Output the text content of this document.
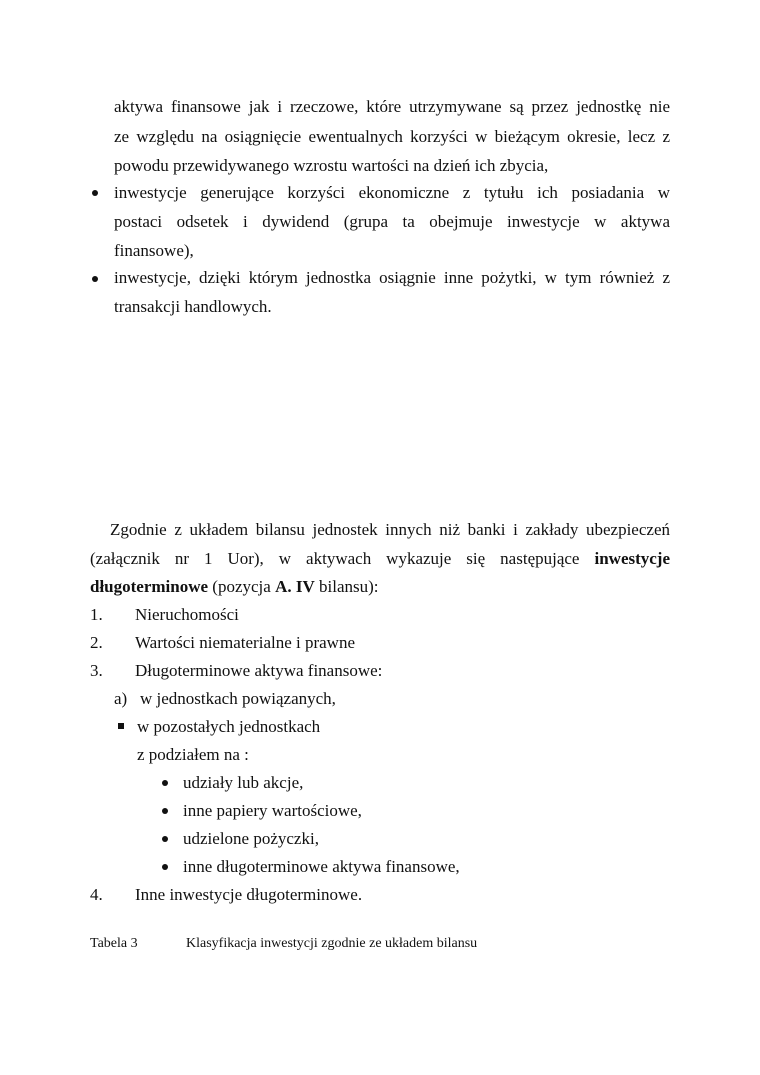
aktywa finansowe jak i rzeczowe, które utrzymywane są przez jednostkę nie
ze względu na osiągnięcie ewentualnych korzyści w bieżącym okresie, lecz z
powodu przewidywanego wzrostu wartości na dzień ich zbycia,
inwestycje generujące korzyści ekonomiczne z tytułu ich posiadania w
postaci odsetek i dywidend (grupa ta obejmuje inwestycje w aktywa
finansowe),
inwestycje, dzięki którym jednostka osiągnie inne pożytki, w tym również z
transakcji handlowych.
Zgodnie z układem bilansu jednostek innych niż banki i zakłady ubezpieczeń
(załącznik nr 1 Uor), w aktywach wykazuje się następujące inwestycje
długoterminowe (pozycja A. IV bilansu):
1. Nieruchomości
2. Wartości niematerialne i prawne
3. Długoterminowe aktywa finansowe:
a) w jednostkach powiązanych,
w pozostałych jednostkach
z podziałem na :
udziały lub akcje,
inne papiery wartościowe,
udzielone pożyczki,
inne długoterminowe aktywa finansowe,
4. Inne inwestycje długoterminowe.
Tabela 3	Klasyfikacja inwestycji zgodnie ze układem bilansu
